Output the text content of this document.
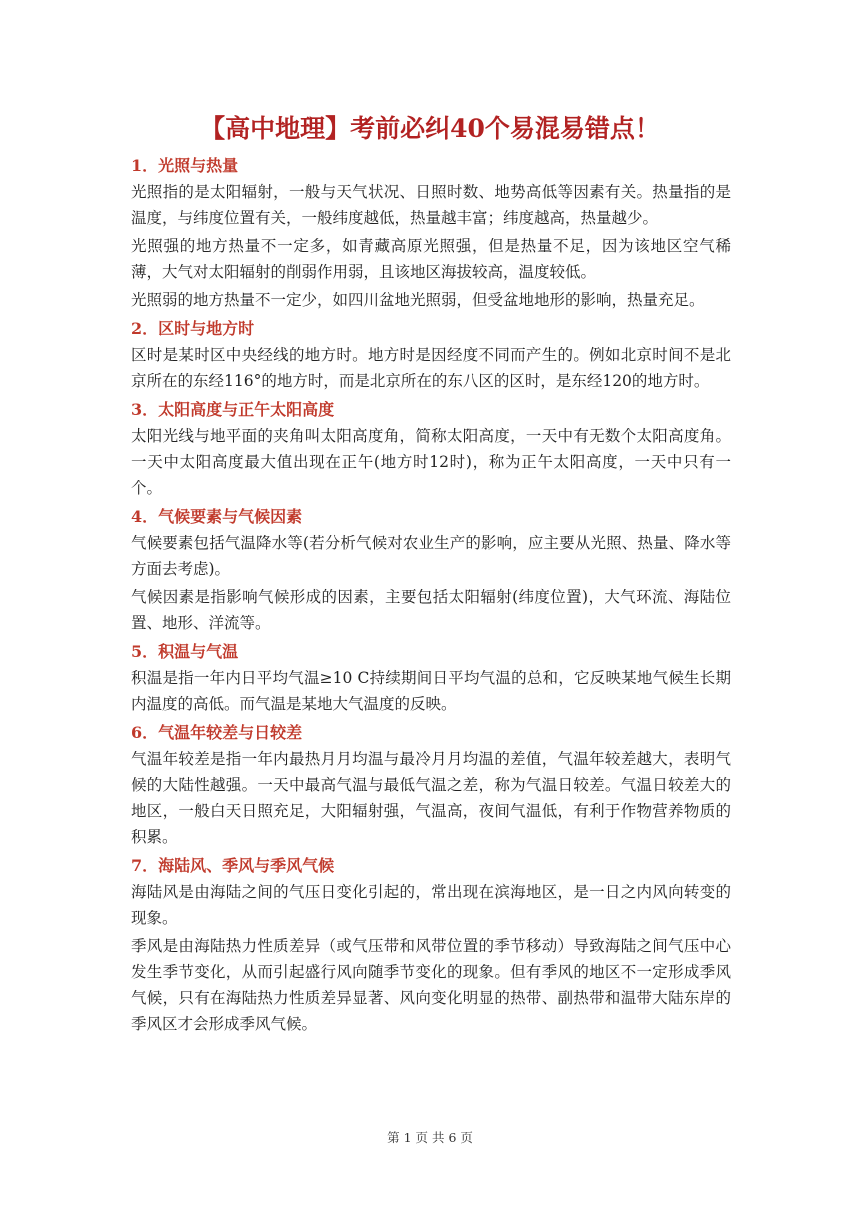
【高中地理】考前必纠40个易混易错点！
1．光照与热量

光照指的是太阳辐射，一般与天气状况、日照时数、地势高低等因素有关。热量指的是温度，与纬度位置有关，一般纬度越低，热量越丰富；纬度越高，热量越少。

光照强的地方热量不一定多，如青藏高原光照强，但是热量不足，因为该地区空气稀薄，大气对太阳辐射的削弱作用弱，且该地区海拔较高，温度较低。

光照弱的地方热量不一定少，如四川盆地光照弱，但受盆地地形的影响，热量充足。

2．区时与地方时

区时是某时区中央经线的地方时。地方时是因经度不同而产生的。例如北京时间不是北京所在的东经116°的地方时，而是北京所在的东八区的区时，是东经120的地方时。

3．太阳高度与正午太阳高度

太阳光线与地平面的夹角叫太阳高度角，简称太阳高度，一天中有无数个太阳高度角。一天中太阳高度最大值出现在正午(地方时12时)，称为正午太阳高度，一天中只有一个。

4．气候要素与气候因素

气候要素包括气温降水等(若分析气候对农业生产的影响，应主要从光照、热量、降水等方面去考虑)。

气候因素是指影响气候形成的因素，主要包括太阳辐射(纬度位置)，大气环流、海陆位置、地形、洋流等。

5．积温与气温

积温是指一年内日平均气温≥10 C持续期间日平均气温的总和，它反映某地气候生长期内温度的高低。而气温是某地大气温度的反映。

6．气温年较差与日较差

气温年较差是指一年内最热月月均温与最冷月月均温的差值，气温年较差越大，表明气候的大陆性越强。一天中最高气温与最低气温之差，称为气温日较差。气温日较差大的地区，一般白天日照充足，大阳辐射强，气温高，夜间气温低，有利于作物营养物质的积累。

7．海陆风、季风与季风气候

海陆风是由海陆之间的气压日变化引起的，常出现在滨海地区，是一日之内风向转变的现象。

季风是由海陆热力性质差异（或气压带和风带位置的季节移动）导致海陆之间气压中心发生季节变化，从而引起盛行风向随季节变化的现象。但有季风的地区不一定形成季风气候，只有在海陆热力性质差异显著、风向变化明显的热带、副热带和温带大陆东岸的季风区才会形成季风气候。

第 1 页 共 6 页
